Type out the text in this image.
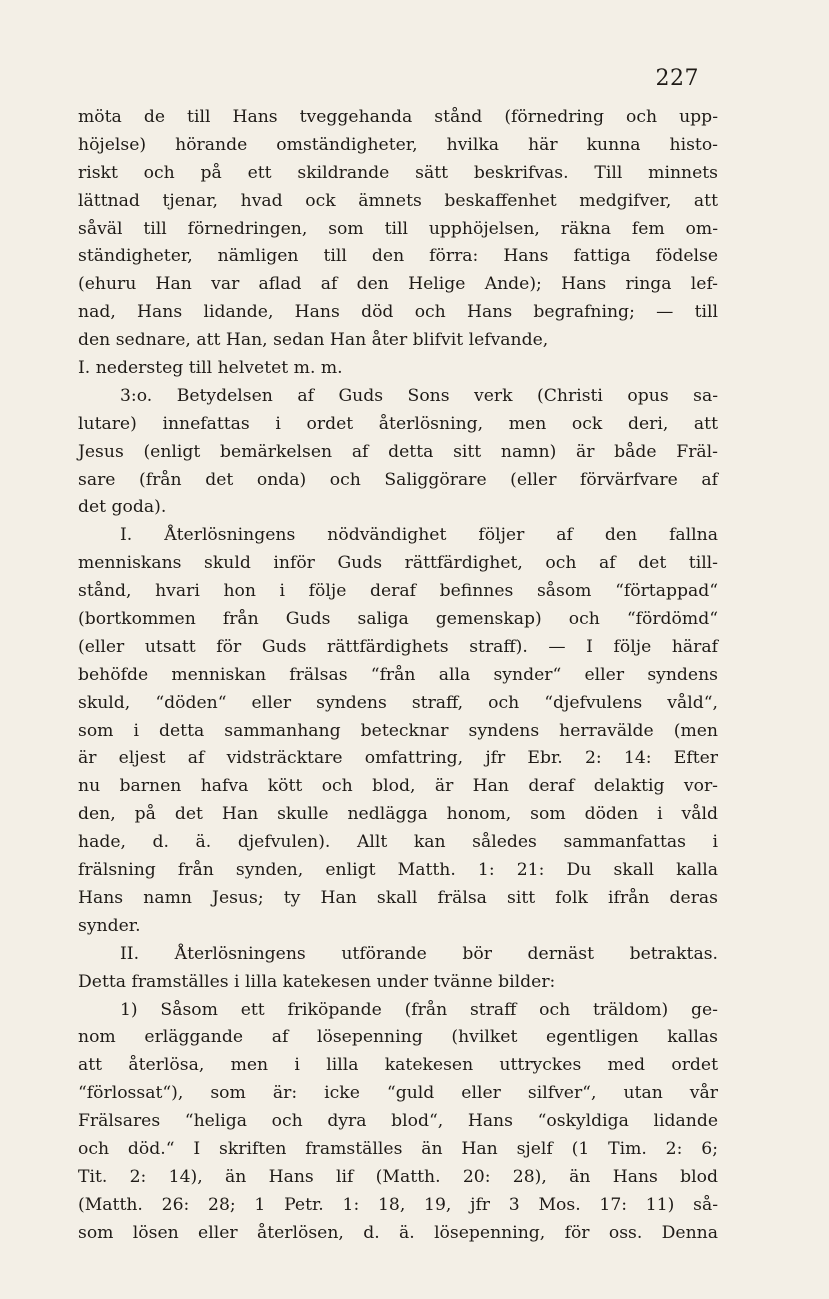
227
möta de till Hans tveggehanda stånd (förnedring och upp-
höjelse) hörande omständigheter, hvilka här kunna histo-
riskt och på ett skildrande sätt beskrifvas. Till minnets
lättnad tjenar, hvad ock ämnets beskaffenhet medgifver, att
såväl till förnedringen, som till upphöjelsen, räkna fem om-
ständigheter, nämligen till den förra: Hans fattiga födelse
(ehuru Han var aflad af den Helige Ande); Hans ringa lef-
nad, Hans lidande, Hans död och Hans begrafning; — till
den sednare, att Han, sedan Han åter blifvit lefvande,
I. nedersteg till helvetet m. m.
3:o. Betydelsen af Guds Sons verk (Christi opus sa-
lutare) innefattas i ordet återlösning, men ock deri, att
Jesus (enligt bemärkelsen af detta sitt namn) är både Fräl-
sare (från det onda) och Saliggörare (eller förvärfvare af
det goda).
I. Återlösningens nödvändighet följer af den fallna
menniskans skuld inför Guds rättfärdighet, och af det till-
stånd, hvari hon i följe deraf befinnes såsom “förtappad“
(bortkommen från Guds saliga gemenskap) och “fördömd“
(eller utsatt för Guds rättfärdighets straff). — I följe häraf
behöfde menniskan frälsas “från alla synder“ eller syndens
skuld, “döden“ eller syndens straff, och “djefvulens våld“,
som i detta sammanhang betecknar syndens herravälde (men
är eljest af vidsträcktare omfattring, jfr Ebr. 2: 14: Efter
nu barnen hafva kött och blod, är Han deraf delaktig vor-
den, på det Han skulle nedlägga honom, som döden i våld
hade, d. ä. djefvulen). Allt kan således sammanfattas i
frälsning från synden, enligt Matth. 1: 21: Du skall kalla
Hans namn Jesus; ty Han skall frälsa sitt folk ifrån deras
synder.
II. Återlösningens utförande bör dernäst betraktas.
Detta framställes i lilla katekesen under tvänne bilder:
1) Såsom ett friköpande (från straff och träldom) ge-
nom erläggande af lösepenning (hvilket egentligen kallas
att återlösa, men i lilla katekesen uttryckes med ordet
“förlossat“), som är: icke “guld eller silfver“, utan vår
Frälsares “heliga och dyra blod“, Hans “oskyldiga lidande
och död.“ I skriften framställes än Han sjelf (1 Tim. 2: 6;
Tit. 2: 14), än Hans lif (Matth. 20: 28), än Hans blod
(Matth. 26: 28; 1 Petr. 1: 18, 19, jfr 3 Mos. 17: 11) så-
som lösen eller återlösen, d. ä. lösepenning, för oss. Denna
